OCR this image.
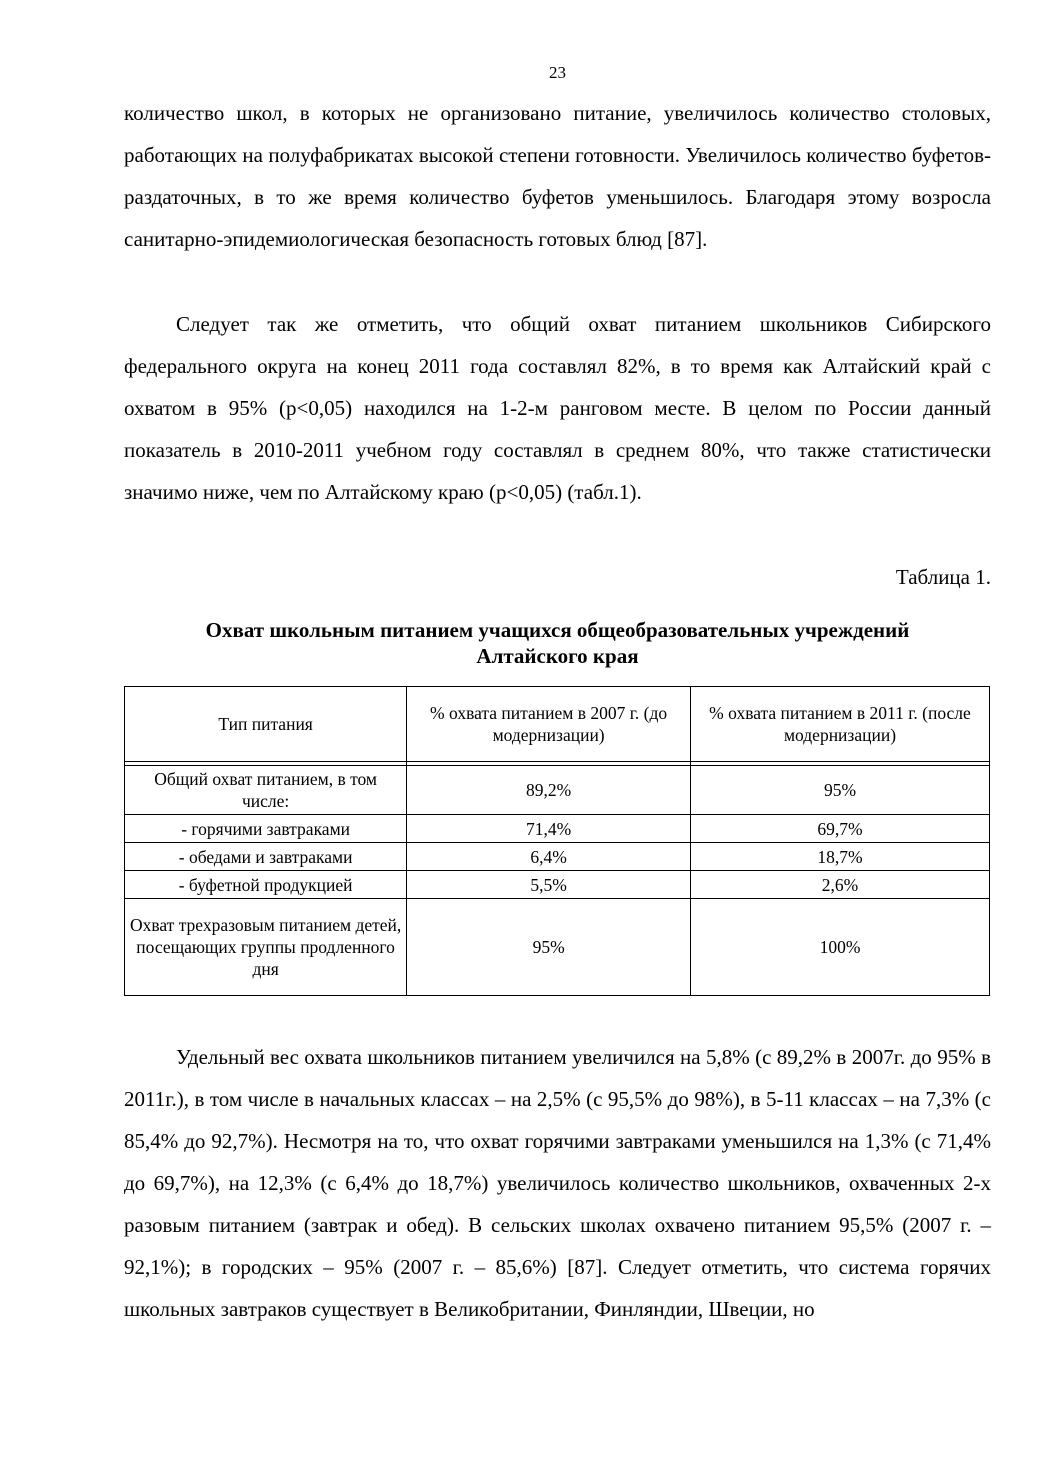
23

количество школ, в которых не организовано питание, увеличилось количество столовых, работающих на полуфабрикатах высокой степени готовности. Увеличилось количество буфетов-раздаточных, в то же время количество буфетов уменьшилось. Благодаря этому возросла санитарно-эпидемиологическая безопасность готовых блюд [87].

Следует так же отметить, что общий охват питанием школьников Сибирского федерального округа на конец 2011 года составлял 82%, в то время как Алтайский край с охватом в 95% (р<0,05) находился на 1-2-м ранговом месте. В целом по России данный показатель в 2010-2011 учебном году составлял в среднем 80%, что также статистически значимо ниже, чем по Алтайскому краю (р<0,05) (табл.1).

Таблица 1.
Охват школьным питанием учащихся общеобразовательных учреждений
Алтайского края
Тип питания	% охвата питанием в 2007 г. (до модернизации)	% охвата питанием в 2011 г. (после модернизации)

Общий охват питанием, в том числе:	89,2%	95%
- горячими завтраками	71,4%	69,7%
- обедами и завтраками	6,4%	18,7%
- буфетной продукцией	5,5%	2,6%
Охват трехразовым питанием детей, посещающих группы продленного дня	95%	100%

Удельный вес охвата школьников питанием увеличился на 5,8% (с 89,2% в 2007г. до 95% в 2011г.), в том числе в начальных классах – на 2,5% (с 95,5% до 98%), в 5-11 классах – на 7,3% (с 85,4% до 92,7%). Несмотря на то, что охват горячими завтраками уменьшился на 1,3% (с 71,4% до 69,7%), на 12,3% (с 6,4% до 18,7%) увеличилось количество школьников, охваченных 2-х разовым питанием (завтрак и обед). В сельских школах охвачено питанием 95,5% (2007 г. – 92,1%); в городских – 95% (2007 г. – 85,6%) [87]. Следует отметить, что система горячих школьных завтраков существует в Великобритании, Финляндии, Швеции, но
